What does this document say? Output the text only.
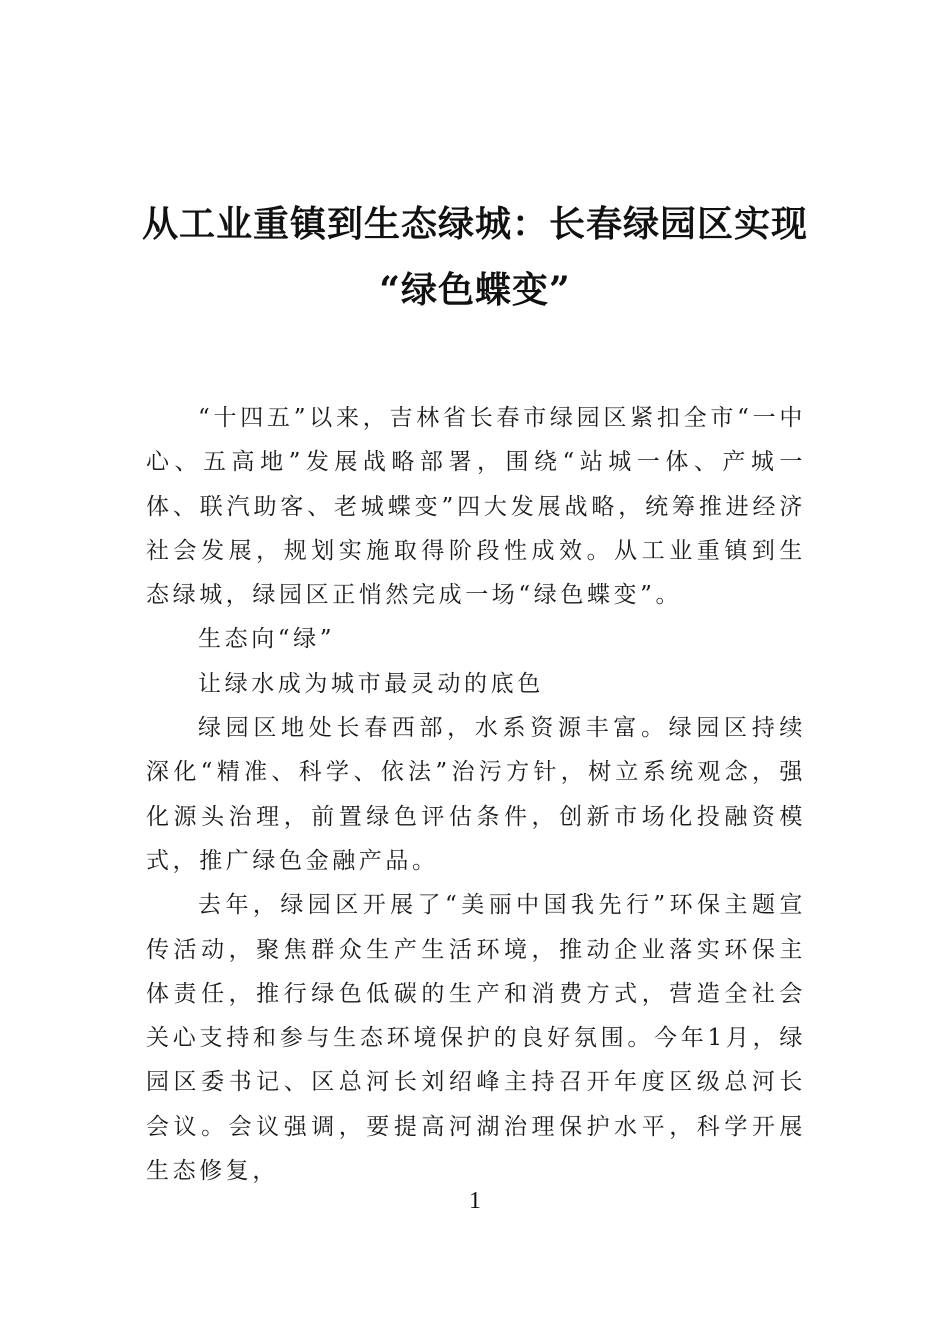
从工业重镇到生态绿城：长春绿园区实现
“绿色蝶变”

“十四五”以来，吉林省长春市绿园区紧扣全市“一中心、五高地”发展战略部署，围绕“站城一体、产城一体、联汽助客、老城蝶变”四大发展战略，统筹推进经济社会发展，规划实施取得阶段性成效。从工业重镇到生态绿城，绿园区正悄然完成一场“绿色蝶变”。

生态向“绿”

让绿水成为城市最灵动的底色

绿园区地处长春西部，水系资源丰富。绿园区持续深化“精准、科学、依法”治污方针，树立系统观念，强化源头治理，前置绿色评估条件，创新市场化投融资模式，推广绿色金融产品。

去年，绿园区开展了“美丽中国我先行”环保主题宣传活动，聚焦群众生产生活环境，推动企业落实环保主体责任，推行绿色低碳的生产和消费方式，营造全社会关心支持和参与生态环境保护的良好氛围。今年1月，绿园区委书记、区总河长刘绍峰主持召开年度区级总河长会议。会议强调，要提高河湖治理保护水平，科学开展生态修复，

1
